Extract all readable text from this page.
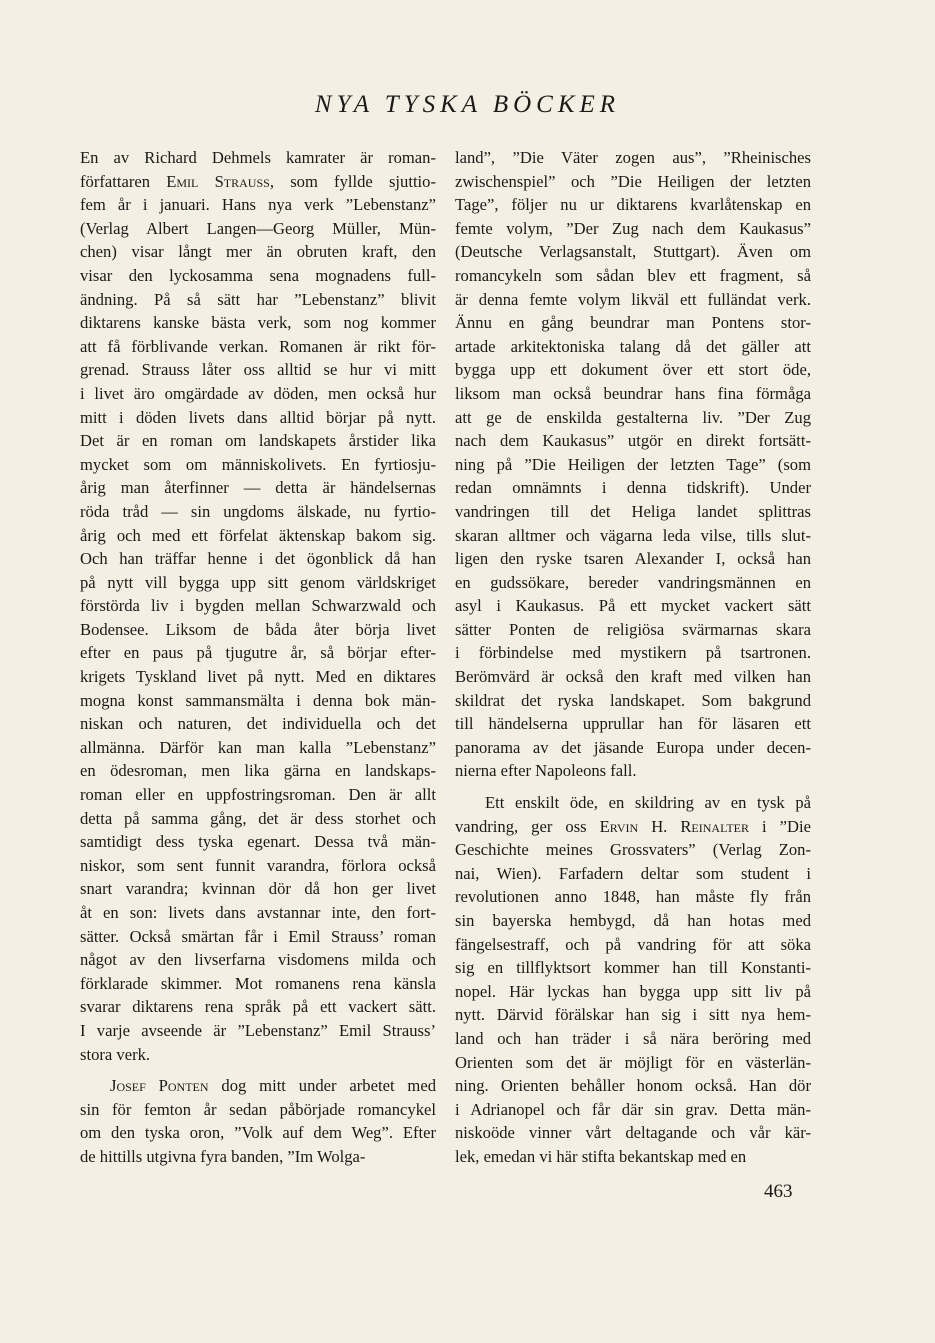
NYA TYSKA BÖCKER
En av Richard Dehmels kamrater är roman-
författaren Emil Strauss, som fyllde sjuttio-
fem år i januari. Hans nya verk ”Lebenstanz”
(Verlag Albert Langen—Georg Müller, Mün-
chen) visar långt mer än obruten kraft, den
visar den lyckosamma sena mognadens full-
ändning. På så sätt har ”Lebenstanz” blivit
diktarens kanske bästa verk, som nog kommer
att få förblivande verkan. Romanen är rikt för-
grenad. Strauss låter oss alltid se hur vi mitt
i livet äro omgärdade av döden, men också hur
mitt i döden livets dans alltid börjar på nytt.
Det är en roman om landskapets årstider lika
mycket som om människolivets. En fyrtiosju-
årig man återfinner — detta är händelsernas
röda tråd — sin ungdoms älskade, nu fyrtio-
årig och med ett förfelat äktenskap bakom sig.
Och han träffar henne i det ögonblick då han
på nytt vill bygga upp sitt genom världskriget
förstörda liv i bygden mellan Schwarzwald och
Bodensee. Liksom de båda åter börja livet
efter en paus på tjugutre år, så börjar efter-
krigets Tyskland livet på nytt. Med en diktares
mogna konst sammansmälta i denna bok män-
niskan och naturen, det individuella och det
allmänna. Därför kan man kalla ”Lebenstanz”
en ödesroman, men lika gärna en landskaps-
roman eller en uppfostringsroman. Den är allt
detta på samma gång, det är dess storhet och
samtidigt dess tyska egenart. Dessa två män-
niskor, som sent funnit varandra, förlora också
snart varandra; kvinnan dör då hon ger livet
åt en son: livets dans avstannar inte, den fort-
sätter. Också smärtan får i Emil Strauss’ roman
något av den livserfarna visdomens milda och
förklarade skimmer. Mot romanens rena känsla
svarar diktarens rena språk på ett vackert sätt.
I varje avseende är ”Lebenstanz” Emil Strauss’
stora verk.
Josef Ponten dog mitt under arbetet med
sin för femton år sedan påbörjade romancykel
om den tyska oron, ”Volk auf dem Weg”. Efter
de hittills utgivna fyra banden, ”Im Wolga-
land”, ”Die Väter zogen aus”, ”Rheinisches
zwischenspiel” och ”Die Heiligen der letzten
Tage”, följer nu ur diktarens kvarlåtenskap en
femte volym, ”Der Zug nach dem Kaukasus”
(Deutsche Verlagsanstalt, Stuttgart). Även om
romancykeln som sådan blev ett fragment, så
är denna femte volym likväl ett fulländat verk.
Ännu en gång beundrar man Pontens stor-
artade arkitektoniska talang då det gäller att
bygga upp ett dokument över ett stort öde,
liksom man också beundrar hans fina förmåga
att ge de enskilda gestalterna liv. ”Der Zug
nach dem Kaukasus” utgör en direkt fortsätt-
ning på ”Die Heiligen der letzten Tage” (som
redan omnämnts i denna tidskrift). Under
vandringen till det Heliga landet splittras
skaran alltmer och vägarna leda vilse, tills slut-
ligen den ryske tsaren Alexander I, också han
en gudssökare, bereder vandringsmännen en
asyl i Kaukasus. På ett mycket vackert sätt
sätter Ponten de religiösa svärmarnas skara
i förbindelse med mystikern på tsartronen.
Berömvärd är också den kraft med vilken han
skildrat det ryska landskapet. Som bakgrund
till händelserna upprullar han för läsaren ett
panorama av det jäsande Europa under decen-
nierna efter Napoleons fall.
Ett enskilt öde, en skildring av en tysk på
vandring, ger oss Ervin H. Reinalter i ”Die
Geschichte meines Grossvaters” (Verlag Zon-
nai, Wien). Farfadern deltar som student i
revolutionen anno 1848, han måste fly från
sin bayerska hembygd, då han hotas med
fängelsestraff, och på vandring för att söka
sig en tillflyktsort kommer han till Konstanti-
nopel. Här lyckas han bygga upp sitt liv på
nytt. Därvid förälskar han sig i sitt nya hem-
land och han träder i så nära beröring med
Orienten som det är möjligt för en västerlän-
ning. Orienten behåller honom också. Han dör
i Adrianopel och får där sin grav. Detta män-
niskoöde vinner vårt deltagande och vår kär-
lek, emedan vi här stifta bekantskap med en
463
